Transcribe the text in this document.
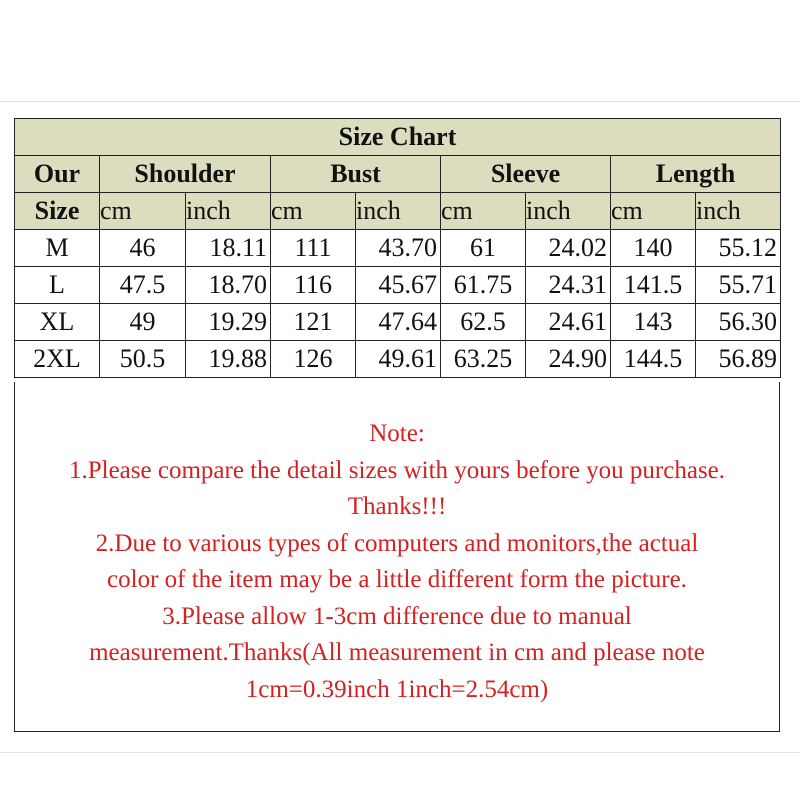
Size Chart								
Our	Shoulder		Bust		Sleeve		Length	
Size	cm	inch	cm	inch	cm	inch	cm	inch
M	46	18.11	111	43.70	61	24.02	140	55.12
L	47.5	18.70	116	45.67	61.75	24.31	141.5	55.71
XL	49	19.29	121	47.64	62.5	24.61	143	56.30
2XL	50.5	19.88	126	49.61	63.25	24.90	144.5	56.89
Note:
1.Please compare the detail sizes with yours before you purchase.
Thanks!!!
2.Due to various types of computers and monitors,the actual
color of the item may be a little different form the picture.
3.Please allow 1-3cm difference due to manual
measurement.Thanks(All measurement in cm and please note
1cm=0.39inch 1inch=2.54cm)
